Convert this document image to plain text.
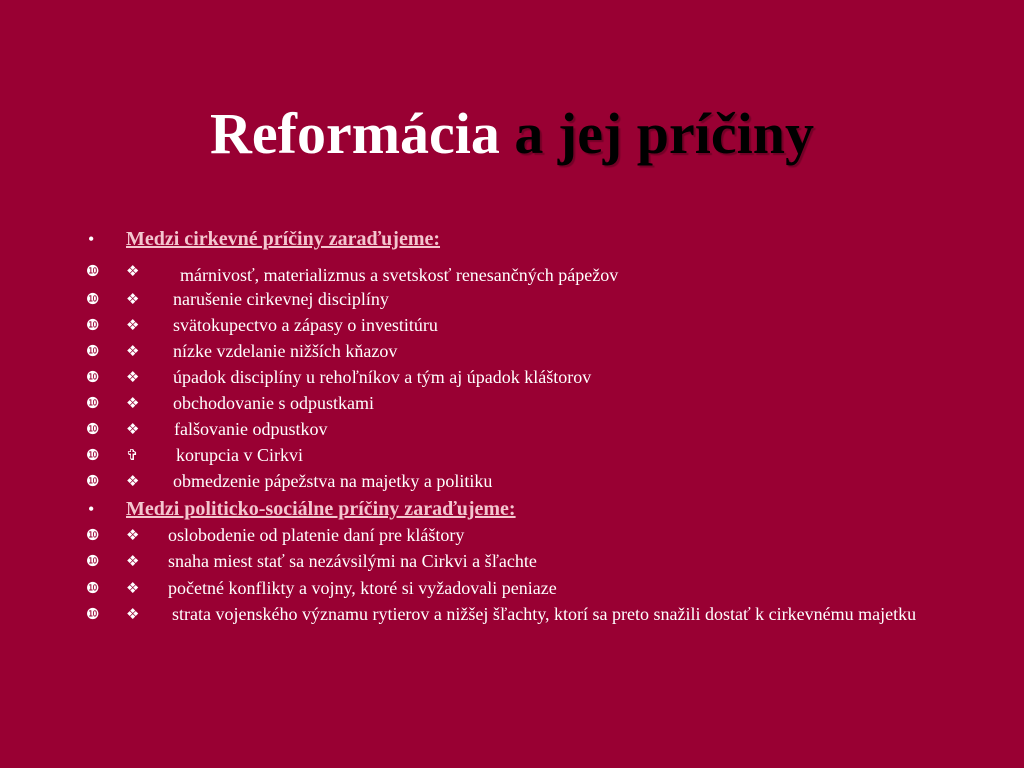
Reformácia a jej príčiny
• Medzi cirkevné príčiny zaraďujeme:
❿ ❖ márnivosť, materializmus a svetskosť renesančných pápežov
❿ ❖ narušenie cirkevnej disciplíny
❿ ❖ svätokupectvo a zápasy o investitúru
❿ ❖ nízke vzdelanie nižších kňazov
❿ ❖ úpadok disciplíny u rehoľníkov a tým aj úpadok kláštorov
❿ ❖ obchodovanie s odpustkami
❿ ❖ falšovanie odpustkov
❿ ✞ korupcia v Cirkvi
❿ ❖ obmedzenie pápežstva na majetky a politiku
• Medzi politicko-sociálne príčiny zaraďujeme:
❿ ❖ oslobodenie od platenie daní pre kláštory
❿ ❖ snaha miest stať sa nezávsilými na Cirkvi a šľachte
❿ ❖ početné konflikty a vojny, ktoré si vyžadovali peniaze
❿ ❖	strata vojenského významu rytierov a nižšej šľachty, ktorí sa preto snažili dostať k cirkevnému majetku
